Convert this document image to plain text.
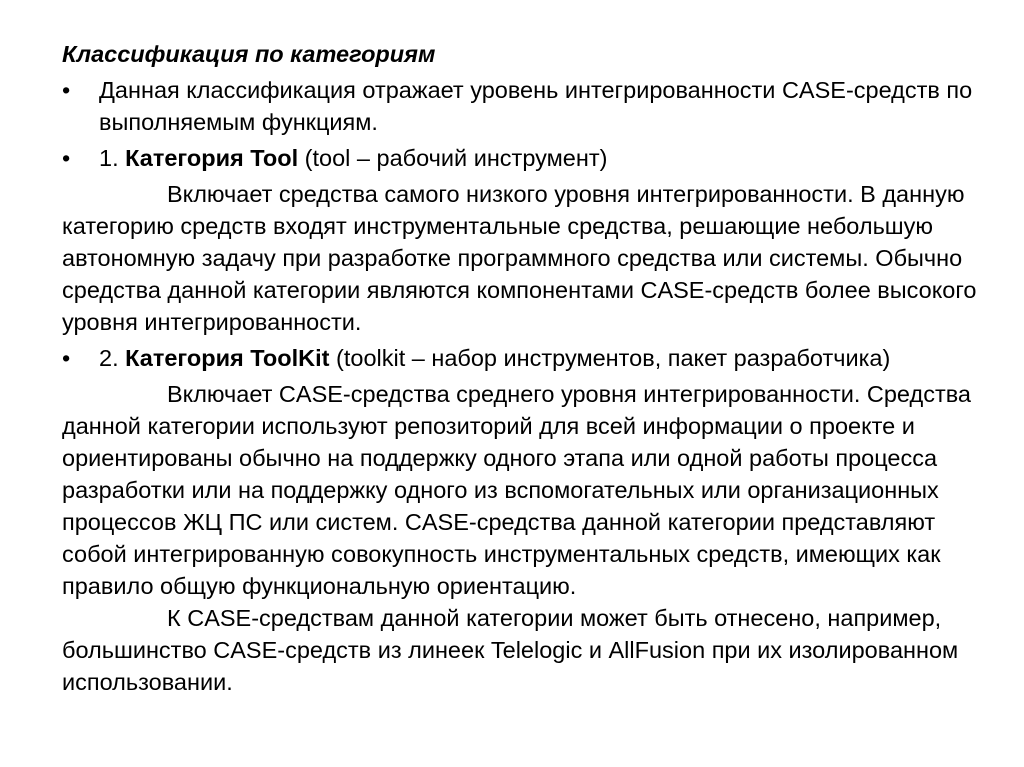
Классификация по категориям
• Данная классификация отражает уровень интегрированности CASE-средств по выполняемым функциям.
• 1. Категория Tool (tool – рабочий инструмент)

Включает средства самого низкого уровня интегрированности. В данную категорию средств входят инструментальные средства, решающие небольшую автономную задачу при разработке программного средства или системы. Обычно средства данной категории являются компонентами CASE-средств более высокого уровня интегрированности.

• 2. Категория ToolKit (toolkit – набор инструментов, пакет разработчика)

Включает CASE-средства среднего уровня интегрированности. Средства данной категории используют репозиторий для всей информации о проекте и ориентированы обычно на поддержку одного этапа или одной работы процесса разработки или на поддержку одного из вспомогательных или организационных процессов ЖЦ ПС или систем. CASE-средства данной категории представляют собой интегрированную совокупность инструментальных средств, имеющих как правило общую функциональную ориентацию.

К CASE-средствам данной категории может быть отнесено, например, большинство CASE-средств из линеек Telelogic и AllFusion при их изолированном использовании.
